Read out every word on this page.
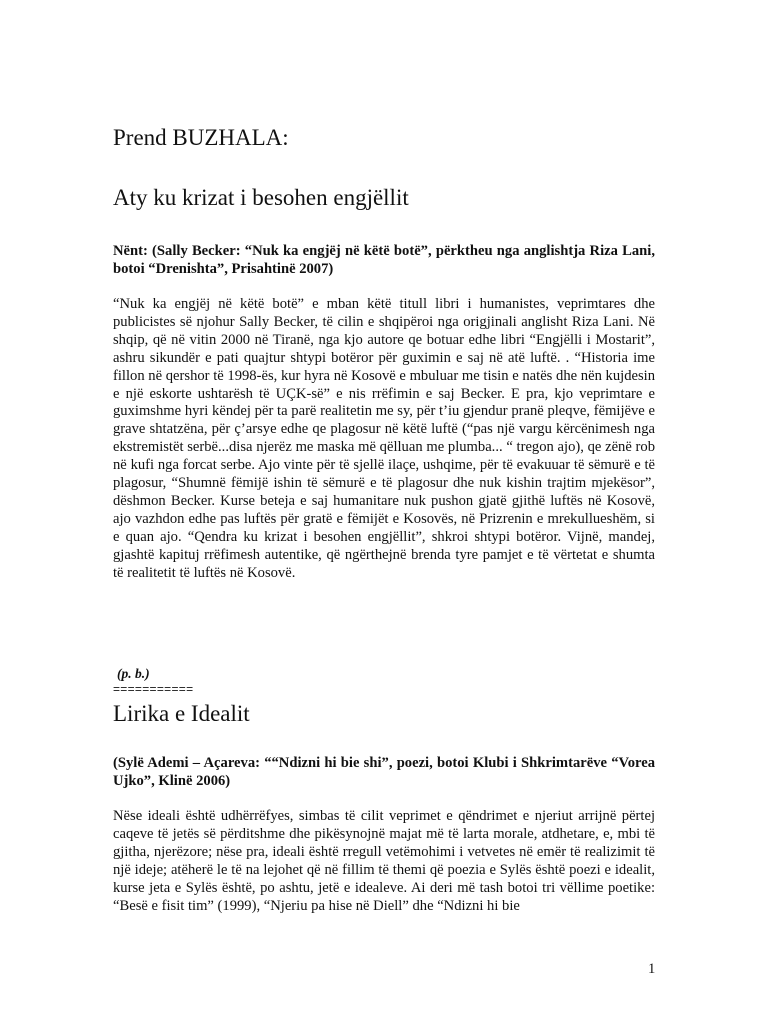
Prend BUZHALA:
Aty ku krizat i besohen engjëllit

Nënt: (Sally Becker: “Nuk ka engjëj në këtë botë”, përktheu nga anglishtja Riza Lani, botoi “Drenishta”, Prisahtinë 2007)

“Nuk ka engjëj në këtë botë” e mban këtë titull libri i humanistes, veprimtares dhe publicistes së njohur Sally Becker, të cilin e shqipëroi nga origjinali anglisht Riza Lani. Në shqip, që në vitin 2000 në Tiranë, nga kjo autore qe botuar edhe libri “Engjëlli i Mostarit”, ashru sikundër e pati quajtur shtypi botëror për guximin e saj në atë luftë. . “Historia ime fillon në qershor të 1998-ës, kur hyra në Kosovë e mbuluar me tisin e natës dhe nën kujdesin e një eskorte ushtarësh të UÇK-së” e nis rrëfimin e saj Becker. E pra, kjo veprimtare e guximshme hyri këndej për ta parë realitetin me sy, për t’iu gjendur pranë pleqve, fëmijëve e grave shtatzëna, për ç’arsye edhe qe plagosur në këtë luftë (“pas një vargu kërcënimesh nga ekstremistët serbë...disa njerëz me maska më qëlluan me plumba... “ tregon ajo), qe zënë rob në kufi nga forcat serbe. Ajo vinte për të sjellë ilaçe, ushqime, për të evakuuar të sëmurë e të plagosur, “Shumnë fëmijë ishin të sëmurë e të plagosur dhe nuk kishin trajtim mjekësor”, dëshmon Becker. Kurse beteja e saj humanitare nuk pushon gjatë gjithë luftës në Kosovë, ajo vazhdon edhe pas luftës për gratë e fëmijët e Kosovës, në Prizrenin e mrekullueshëm, si e quan ajo. “Qendra ku krizat i besohen engjëllit”, shkroi shtypi botëror. Vijnë, mandej, gjashtë kapituj rrëfimesh autentike, që ngërthejnë brenda tyre pamjet e të vërtetat e shumta të realitetit të luftës në Kosovë.

(p. b.)

===========

Lirika e Idealit

(Sylë Ademi – Açareva: ““Ndizni hi bie shi”, poezi, botoi Klubi i Shkrimtarëve “Vorea Ujko”, Klinë 2006)

Nëse ideali është udhërrëfyes, simbas të cilit veprimet e qëndrimet e njeriut arrijnë përtej caqeve të jetës së përditshme dhe pikësynojnë majat më të larta morale, atdhetare, e, mbi të gjitha, njerëzore; nëse pra, ideali është rregull vetëmohimi i vetvetes në emër të realizimit të një ideje; atëherë le të na lejohet që në fillim të themi që poezia e Sylës është poezi e idealit, kurse jeta e Sylës është, po ashtu, jetë e idealeve. Ai deri më tash botoi tri vëllime poetike: “Besë e fisit tim” (1999), “Njeriu pa hise në Diell” dhe “Ndizni hi bie

1
